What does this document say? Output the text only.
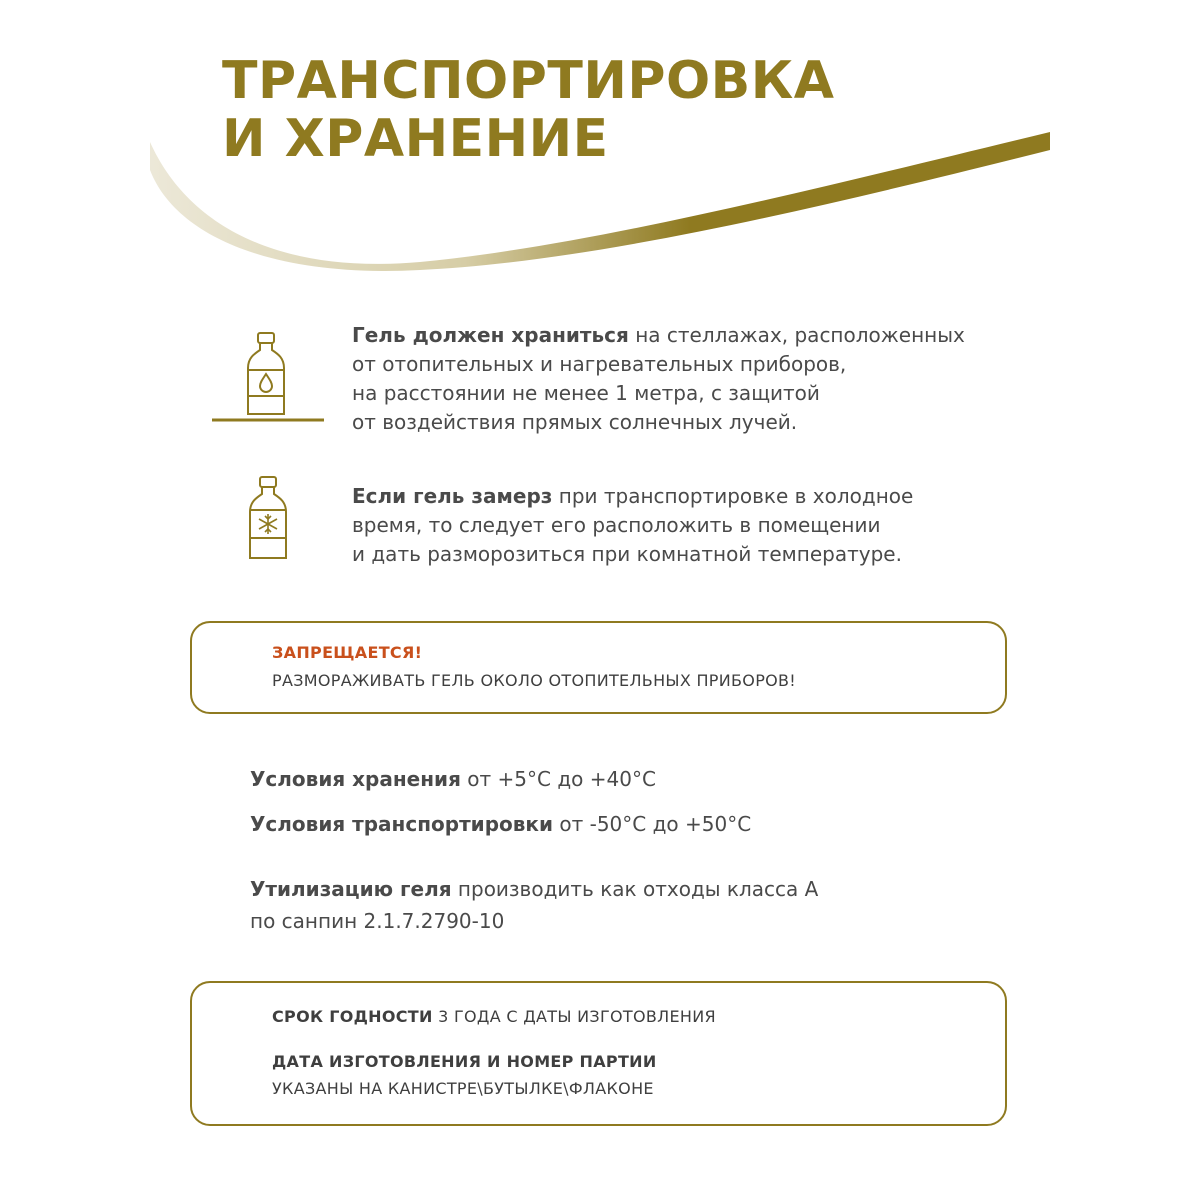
ТРАНСПОРТИРОВКА
И ХРАНЕНИЕ

Гель должен храниться на стеллажах, расположенных
от отопительных и нагревательных приборов,
на расстоянии не менее 1 метра, с защитой
от воздействия прямых солнечных лучей.

Если гель замерз при транспортировке в холодное
время, то следует его расположить в помещении
и дать разморозиться при комнатной температуре.

ЗАПРЕЩАЕТСЯ!

РАЗМОРАЖИВАТЬ ГЕЛЬ ОКОЛО ОТОПИТЕЛЬНЫХ ПРИБОРОВ!

Условия хранения от +5°С до +40°С

Условия транспортировки от -50°С до +50°С

Утилизацию геля производить как отходы класса А
по санпин 2.1.7.2790-10

СРОК ГОДНОСТИ 3 ГОДА С ДАТЫ ИЗГОТОВЛЕНИЯ

ДАТА ИЗГОТОВЛЕНИЯ И НОМЕР ПАРТИИ

УКАЗАНЫ НА КАНИСТРЕ\БУТЫЛКЕ\ФЛАКОНЕ
